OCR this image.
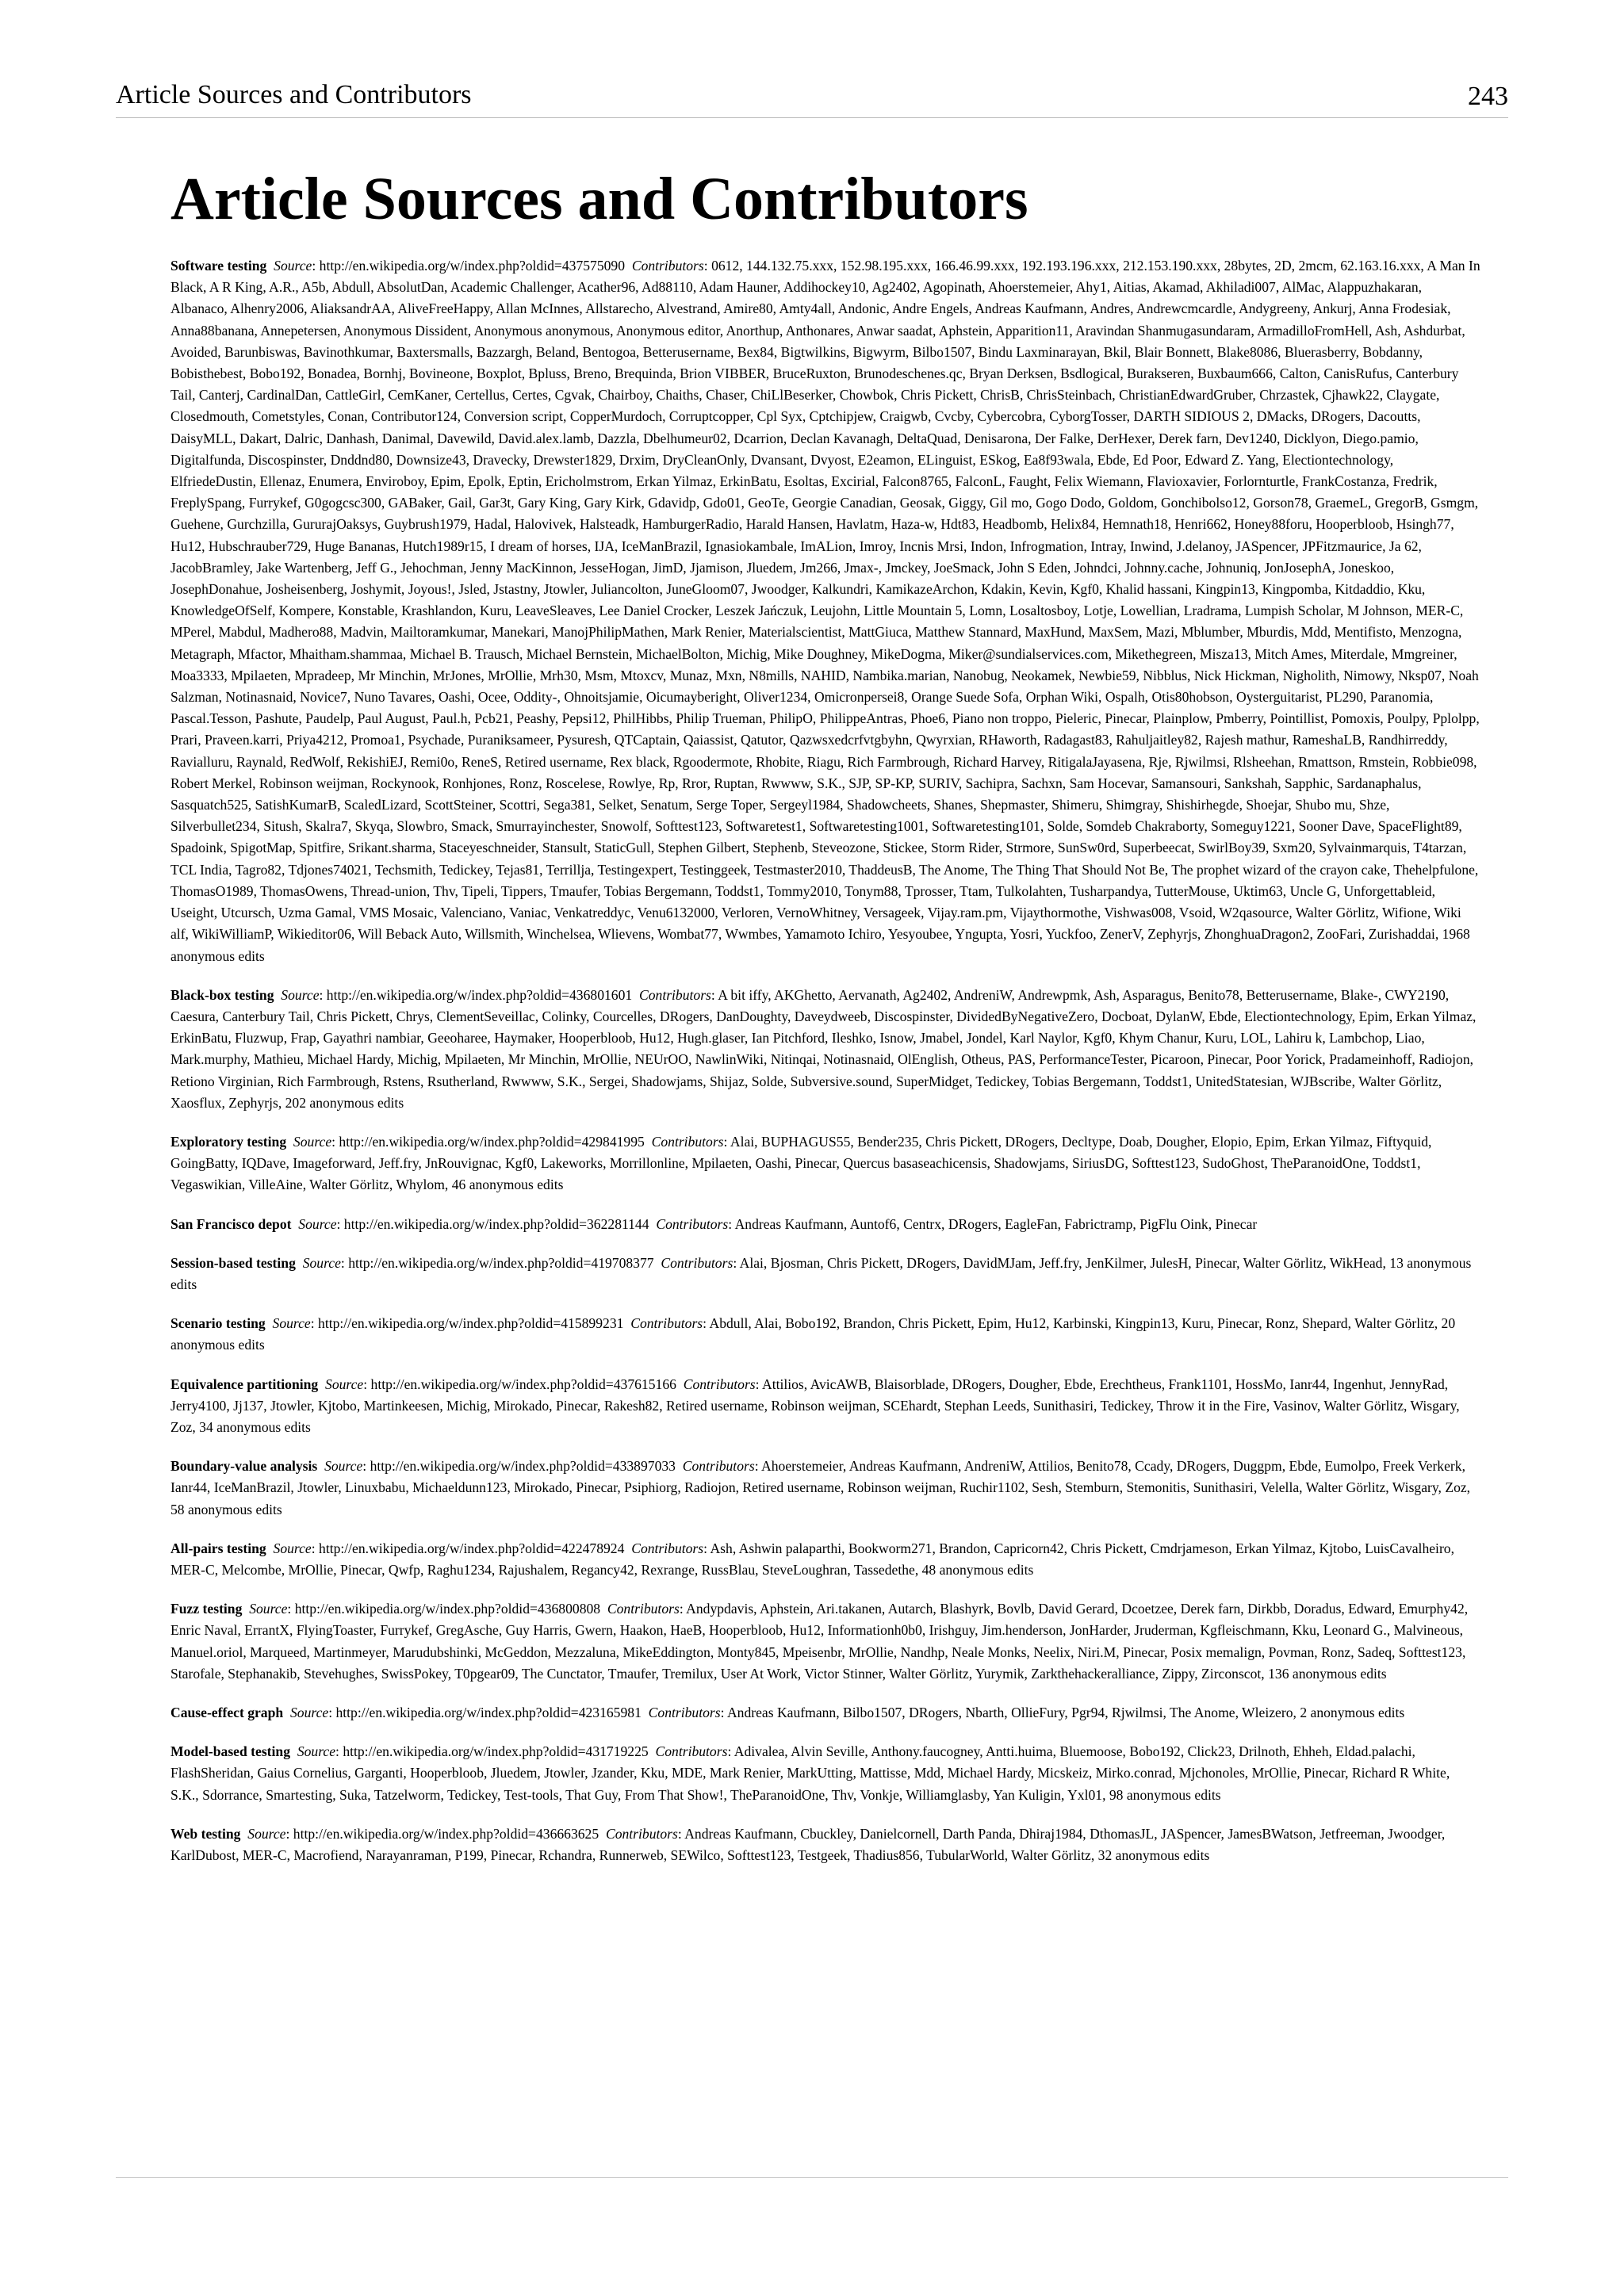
Article Sources and Contributors	243
Article Sources and Contributors

Software testing Source: http://en.wikipedia.org/w/index.php?oldid=437575090 Contributors: 0612, 144.132.75.xxx, 152.98.195.xxx, 166.46.99.xxx, 192.193.196.xxx, 212.153.190.xxx, 28bytes, 2D, 2mcm, 62.163.16.xxx, A Man In Black, A R King, A.R., A5b, Abdull, AbsolutDan, Academic Challenger, Acather96, Ad88110, Adam Hauner, Addihockey10, Ag2402, Agopinath, Ahoerstemeier, Ahy1, Aitias, Akamad, Akhiladi007, AlMac, Alappuzhakaran, Albanaco, Alhenry2006, AliaksandrAA, AliveFreeHappy, Allan McInnes, Allstarecho, Alvestrand, Amire80, Amty4all, Andonic, Andre Engels, Andreas Kaufmann, Andres, Andrewcmcardle, Andygreeny, Ankurj, Anna Frodesiak, Anna88banana, Annepetersen, Anonymous Dissident, Anonymous anonymous, Anonymous editor, Anorthup, Anthonares, Anwar saadat, Aphstein, Apparition11, Aravindan Shanmugasundaram, ArmadilloFromHell, Ash, Ashdurbat, Avoided, Barunbiswas, Bavinothkumar, Baxtersmalls, Bazzargh, Beland, Bentogoa, Betterusername, Bex84, Bigtwilkins, Bigwyrm, Bilbo1507, Bindu Laxminarayan, Bkil, Blair Bonnett, Blake8086, Bluerasberry, Bobdanny, Bobisthebest, Bobo192, Bonadea, Bornhj, Bovineone, Boxplot, Bpluss, Breno, Brequinda, Brion VIBBER, BruceRuxton, Brunodeschenes.qc, Bryan Derksen, Bsdlogical, Burakseren, Buxbaum666, Calton, CanisRufus, Canterbury Tail, Canterj, CardinalDan, CattleGirl, CemKaner, Certellus, Certes, Cgvak, Chairboy, Chaiths, Chaser, ChiLlBeserker, Chowbok, Chris Pickett, ChrisB, ChrisSteinbach, ChristianEdwardGruber, Chrzastek, Cjhawk22, Claygate, Closedmouth, Cometstyles, Conan, Contributor124, Conversion script, CopperMurdoch, Corruptcopper, Cpl Syx, Cptchipjew, Craigwb, Cvcby, Cybercobra, CyborgTosser, DARTH SIDIOUS 2, DMacks, DRogers, Dacoutts, DaisyMLL, Dakart, Dalric, Danhash, Danimal, Davewild, David.alex.lamb, Dazzla, Dbelhumeur02, Dcarrion, Declan Kavanagh, DeltaQuad, Denisarona, Der Falke, DerHexer, Derek farn, Dev1240, Dicklyon, Diego.pamio, Digitalfunda, Discospinster, Dnddnd80, Downsize43, Dravecky, Drewster1829, Drxim, DryCleanOnly, Dvansant, Dvyost, E2eamon, ELinguist, ESkog, Ea8f93wala, Ebde, Ed Poor, Edward Z. Yang, Electiontechnology, ElfriedeDustin, Ellenaz, Enumera, Enviroboy, Epim, Epolk, Eptin, Ericholmstrom, Erkan Yilmaz, ErkinBatu, Esoltas, Excirial, Falcon8765, FalconL, Faught, Felix Wiemann, Flavioxavier, Forlornturtle, FrankCostanza, Fredrik, FreplySpang, Furrykef, G0gogcsc300, GABaker, Gail, Gar3t, Gary King, Gary Kirk, Gdavidp, Gdo01, GeoTe, Georgie Canadian, Geosak, Giggy, Gil mo, Gogo Dodo, Goldom, Gonchibolso12, Gorson78, GraemeL, GregorB, Gsmgm, Guehene, Gurchzilla, GururajOaksys, Guybrush1979, Hadal, Halovivek, Halsteadk, HamburgerRadio, Harald Hansen, Havlatm, Haza-w, Hdt83, Headbomb, Helix84, Hemnath18, Henri662, Honey88foru, Hooperbloob, Hsingh77, Hu12, Hubschrauber729, Huge Bananas, Hutch1989r15, I dream of horses, IJA, IceManBrazil, Ignasiokambale, ImALion, Imroy, Incnis Mrsi, Indon, Infrogmation, Intray, Inwind, J.delanoy, JASpencer, JPFitzmaurice, Ja 62, JacobBramley, Jake Wartenberg, Jeff G., Jehochman, Jenny MacKinnon, JesseHogan, JimD, Jjamison, Jluedem, Jm266, Jmax-, Jmckey, JoeSmack, John S Eden, Johndci, Johnny.cache, Johnuniq, JonJosephA, Joneskoo, JosephDonahue, Josheisenberg, Joshymit, Joyous!, Jsled, Jstastny, Jtowler, Juliancolton, JuneGloom07, Jwoodger, Kalkundri, KamikazeArchon, Kdakin, Kevin, Kgf0, Khalid hassani, Kingpin13, Kingpomba, Kitdaddio, Kku, KnowledgeOfSelf, Kompere, Konstable, Krashlandon, Kuru, LeaveSleaves, Lee Daniel Crocker, Leszek Jańczuk, Leujohn, Little Mountain 5, Lomn, Losaltosboy, Lotje, Lowellian, Lradrama, Lumpish Scholar, M Johnson, MER-C, MPerel, Mabdul, Madhero88, Madvin, Mailtoramkumar, Manekari, ManojPhilipMathen, Mark Renier, Materialscientist, MattGiuca, Matthew Stannard, MaxHund, MaxSem, Mazi, Mblumber, Mburdis, Mdd, Mentifisto, Menzogna, Metagraph, Mfactor, Mhaitham.shammaa, Michael B. Trausch, Michael Bernstein, MichaelBolton, Michig, Mike Doughney, MikeDogma, Miker@sundialservices.com, Mikethegreen, Misza13, Mitch Ames, Miterdale, Mmgreiner, Moa3333, Mpilaeten, Mpradeep, Mr Minchin, MrJones, MrOllie, Mrh30, Msm, Mtoxcv, Munaz, Mxn, N8mills, NAHID, Nambika.marian, Nanobug, Neokamek, Newbie59, Nibblus, Nick Hickman, Nigholith, Nimowy, Nksp07, Noah Salzman, Notinasnaid, Novice7, Nuno Tavares, Oashi, Ocee, Oddity-, Ohnoitsjamie, Oicumayberight, Oliver1234, Omicronpersei8, Orange Suede Sofa, Orphan Wiki, Ospalh, Otis80hobson, Oysterguitarist, PL290, Paranomia, Pascal.Tesson, Pashute, Paudelp, Paul August, Paul.h, Pcb21, Peashy, Pepsi12, PhilHibbs, Philip Trueman, PhilipO, PhilippeAntras, Phoe6, Piano non troppo, Pieleric, Pinecar, Plainplow, Pmberry, Pointillist, Pomoxis, Poulpy, Pplolpp, Prari, Praveen.karri, Priya4212, Promoa1, Psychade, Puraniksameer, Pysuresh, QTCaptain, Qaiassist, Qatutor, Qazwsxedcrfvtgbyhn, Qwyrxian, RHaworth, Radagast83, Rahuljaitley82, Rajesh mathur, RameshaLB, Randhirreddy, Ravialluru, Raynald, RedWolf, RekishiEJ, Remi0o, ReneS, Retired username, Rex black, Rgoodermote, Rhobite, Riagu, Rich Farmbrough, Richard Harvey, RitigalaJayasena, Rje, Rjwilmsi, Rlsheehan, Rmattson, Rmstein, Robbie098, Robert Merkel, Robinson weijman, Rockynook, Ronhjones, Ronz, Roscelese, Rowlye, Rp, Rror, Ruptan, Rwwww, S.K., SJP, SP-KP, SURIV, Sachipra, Sachxn, Sam Hocevar, Samansouri, Sankshah, Sapphic, Sardanaphalus, Sasquatch525, SatishKumarB, ScaledLizard, ScottSteiner, Scottri, Sega381, Selket, Senatum, Serge Toper, Sergeyl1984, Shadowcheets, Shanes, Shepmaster, Shimeru, Shimgray, Shishirhegde, Shoejar, Shubo mu, Shze, Silverbullet234, Sitush, Skalra7, Skyqa, Slowbro, Smack, Smurrayinchester, Snowolf, Softtest123, Softwaretest1, Softwaretesting1001, Softwaretesting101, Solde, Somdeb Chakraborty, Someguy1221, Sooner Dave, SpaceFlight89, Spadoink, SpigotMap, Spitfire, Srikant.sharma, Staceyeschneider, Stansult, StaticGull, Stephen Gilbert, Stephenb, Steveozone, Stickee, Storm Rider, Strmore, SunSw0rd, Superbeecat, SwirlBoy39, Sxm20, Sylvainmarquis, T4tarzan, TCL India, Tagro82, Tdjones74021, Techsmith, Tedickey, Tejas81, Terrillja, Testingexpert, Testinggeek, Testmaster2010, ThaddeusB, The Anome, The Thing That Should Not Be, The prophet wizard of the crayon cake, Thehelpfulone, ThomasO1989, ThomasOwens, Thread-union, Thv, Tipeli, Tippers, Tmaufer, Tobias Bergemann, Toddst1, Tommy2010, Tonym88, Tprosser, Ttam, Tulkolahten, Tusharpandya, TutterMouse, Uktim63, Uncle G, Unforgettableid, Useight, Utcursch, Uzma Gamal, VMS Mosaic, Valenciano, Vaniac, Venkatreddyc, Venu6132000, Verloren, VernoWhitney, Versageek, Vijay.ram.pm, Vijaythormothe, Vishwas008, Vsoid, W2qasource, Walter Görlitz, Wifione, Wiki alf, WikiWilliamP, Wikieditor06, Will Beback Auto, Willsmith, Winchelsea, Wlievens, Wombat77, Wwmbes, Yamamoto Ichiro, Yesyoubee, Yngupta, Yosri, Yuckfoo, ZenerV, Zephyrjs, ZhonghuaDragon2, ZooFari, Zurishaddai, 1968 anonymous edits

Black-box testing Source: http://en.wikipedia.org/w/index.php?oldid=436801601 Contributors: A bit iffy, AKGhetto, Aervanath, Ag2402, AndreniW, Andrewpmk, Ash, Asparagus, Benito78, Betterusername, Blake-, CWY2190, Caesura, Canterbury Tail, Chris Pickett, Chrys, ClementSeveillac, Colinky, Courcelles, DRogers, DanDoughty, Daveydweeb, Discospinster, DividedByNegativeZero, Docboat, DylanW, Ebde, Electiontechnology, Epim, Erkan Yilmaz, ErkinBatu, Fluzwup, Frap, Gayathri nambiar, Geeoharee, Haymaker, Hooperbloob, Hu12, Hugh.glaser, Ian Pitchford, Ileshko, Isnow, Jmabel, Jondel, Karl Naylor, Kgf0, Khym Chanur, Kuru, LOL, Lahiru k, Lambchop, Liao, Mark.murphy, Mathieu, Michael Hardy, Michig, Mpilaeten, Mr Minchin, MrOllie, NEUrOO, NawlinWiki, Nitinqai, Notinasnaid, OlEnglish, Otheus, PAS, PerformanceTester, Picaroon, Pinecar, Poor Yorick, Pradameinhoff, Radiojon, Retiono Virginian, Rich Farmbrough, Rstens, Rsutherland, Rwwww, S.K., Sergei, Shadowjams, Shijaz, Solde, Subversive.sound, SuperMidget, Tedickey, Tobias Bergemann, Toddst1, UnitedStatesian, WJBscribe, Walter Görlitz, Xaosflux, Zephyrjs, 202 anonymous edits

Exploratory testing Source: http://en.wikipedia.org/w/index.php?oldid=429841995 Contributors: Alai, BUPHAGUS55, Bender235, Chris Pickett, DRogers, Decltype, Doab, Dougher, Elopio, Epim, Erkan Yilmaz, Fiftyquid, GoingBatty, IQDave, Imageforward, Jeff.fry, JnRouvignac, Kgf0, Lakeworks, Morrillonline, Mpilaeten, Oashi, Pinecar, Quercus basaseachicensis, Shadowjams, SiriusDG, Softtest123, SudoGhost, TheParanoidOne, Toddst1, Vegaswikian, VilleAine, Walter Görlitz, Whylom, 46 anonymous edits

San Francisco depot Source: http://en.wikipedia.org/w/index.php?oldid=362281144 Contributors: Andreas Kaufmann, Auntof6, Centrx, DRogers, EagleFan, Fabrictramp, PigFlu Oink, Pinecar

Session-based testing Source: http://en.wikipedia.org/w/index.php?oldid=419708377 Contributors: Alai, Bjosman, Chris Pickett, DRogers, DavidMJam, Jeff.fry, JenKilmer, JulesH, Pinecar, Walter Görlitz, WikHead, 13 anonymous edits

Scenario testing Source: http://en.wikipedia.org/w/index.php?oldid=415899231 Contributors: Abdull, Alai, Bobo192, Brandon, Chris Pickett, Epim, Hu12, Karbinski, Kingpin13, Kuru, Pinecar, Ronz, Shepard, Walter Görlitz, 20 anonymous edits

Equivalence partitioning Source: http://en.wikipedia.org/w/index.php?oldid=437615166 Contributors: Attilios, AvicAWB, Blaisorblade, DRogers, Dougher, Ebde, Erechtheus, Frank1101, HossMo, Ianr44, Ingenhut, JennyRad, Jerry4100, Jj137, Jtowler, Kjtobo, Martinkeesen, Michig, Mirokado, Pinecar, Rakesh82, Retired username, Robinson weijman, SCEhardt, Stephan Leeds, Sunithasiri, Tedickey, Throw it in the Fire, Vasinov, Walter Görlitz, Wisgary, Zoz, 34 anonymous edits

Boundary-value analysis Source: http://en.wikipedia.org/w/index.php?oldid=433897033 Contributors: Ahoerstemeier, Andreas Kaufmann, AndreniW, Attilios, Benito78, Ccady, DRogers, Duggpm, Ebde, Eumolpo, Freek Verkerk, Ianr44, IceManBrazil, Jtowler, Linuxbabu, Michaeldunn123, Mirokado, Pinecar, Psiphiorg, Radiojon, Retired username, Robinson weijman, Ruchir1102, Sesh, Stemburn, Stemonitis, Sunithasiri, Velella, Walter Görlitz, Wisgary, Zoz, 58 anonymous edits

All-pairs testing Source: http://en.wikipedia.org/w/index.php?oldid=422478924 Contributors: Ash, Ashwin palaparthi, Bookworm271, Brandon, Capricorn42, Chris Pickett, Cmdrjameson, Erkan Yilmaz, Kjtobo, LuisCavalheiro, MER-C, Melcombe, MrOllie, Pinecar, Qwfp, Raghu1234, Rajushalem, Regancy42, Rexrange, RussBlau, SteveLoughran, Tassedethe, 48 anonymous edits

Fuzz testing Source: http://en.wikipedia.org/w/index.php?oldid=436800808 Contributors: Andypdavis, Aphstein, Ari.takanen, Autarch, Blashyrk, Bovlb, David Gerard, Dcoetzee, Derek farn, Dirkbb, Doradus, Edward, Emurphy42, Enric Naval, ErrantX, FlyingToaster, Furrykef, GregAsche, Guy Harris, Gwern, Haakon, HaeB, Hooperbloob, Hu12, Informationh0b0, Irishguy, Jim.henderson, JonHarder, Jruderman, Kgfleischmann, Kku, Leonard G., Malvineous, Manuel.oriol, Marqueed, Martinmeyer, Marudubshinki, McGeddon, Mezzaluna, MikeEddington, Monty845, Mpeisenbr, MrOllie, Nandhp, Neale Monks, Neelix, Niri.M, Pinecar, Posix memalign, Povman, Ronz, Sadeq, Softtest123, Starofale, Stephanakib, Stevehughes, SwissPokey, T0pgear09, The Cunctator, Tmaufer, Tremilux, User At Work, Victor Stinner, Walter Görlitz, Yurymik, Zarkthehackeralliance, Zippy, Zirconscot, 136 anonymous edits

Cause-effect graph Source: http://en.wikipedia.org/w/index.php?oldid=423165981 Contributors: Andreas Kaufmann, Bilbo1507, DRogers, Nbarth, OllieFury, Pgr94, Rjwilmsi, The Anome, Wleizero, 2 anonymous edits

Model-based testing Source: http://en.wikipedia.org/w/index.php?oldid=431719225 Contributors: Adivalea, Alvin Seville, Anthony.faucogney, Antti.huima, Bluemoose, Bobo192, Click23, Drilnoth, Ehheh, Eldad.palachi, FlashSheridan, Gaius Cornelius, Garganti, Hooperbloob, Jluedem, Jtowler, Jzander, Kku, MDE, Mark Renier, MarkUtting, Mattisse, Mdd, Michael Hardy, Micskeiz, Mirko.conrad, Mjchonoles, MrOllie, Pinecar, Richard R White, S.K., Sdorrance, Smartesting, Suka, Tatzelworm, Tedickey, Test-tools, That Guy, From That Show!, TheParanoidOne, Thv, Vonkje, Williamglasby, Yan Kuligin, Yxl01, 98 anonymous edits

Web testing Source: http://en.wikipedia.org/w/index.php?oldid=436663625 Contributors: Andreas Kaufmann, Cbuckley, Danielcornell, Darth Panda, Dhiraj1984, DthomasJL, JASpencer, JamesBWatson, Jetfreeman, Jwoodger, KarlDubost, MER-C, Macrofiend, Narayanraman, P199, Pinecar, Rchandra, Runnerweb, SEWilco, Softtest123, Testgeek, Thadius856, TubularWorld, Walter Görlitz, 32 anonymous edits
